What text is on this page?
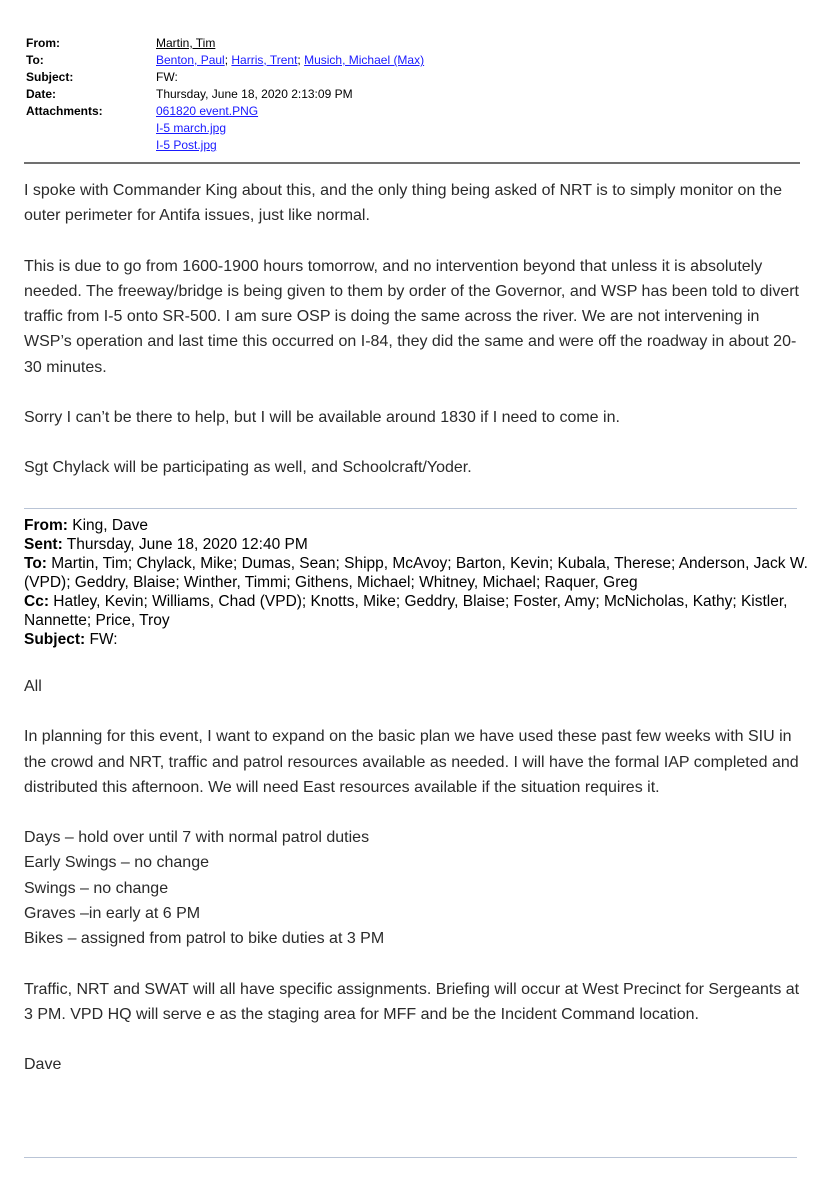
From:	Martin, Tim
To:	Benton, Paul; Harris, Trent; Musich, Michael (Max)
Subject:	FW:
Date:	Thursday, June 18, 2020 2:13:09 PM
Attachments:	061820 event.PNG
I-5 march.jpg
I-5 Post.jpg

I spoke with Commander King about this, and the only thing being asked of NRT is to simply monitor on the outer perimeter for Antifa issues, just like normal.

This is due to go from 1600-1900 hours tomorrow, and no intervention beyond that unless it is absolutely needed. The freeway/bridge is being given to them by order of the Governor, and WSP has been told to divert traffic from I-5 onto SR-500. I am sure OSP is doing the same across the river. We are not intervening in WSP’s operation and last time this occurred on I-84, they did the same and were off the roadway in about 20-30 minutes.

Sorry I can’t be there to help, but I will be available around 1830 if I need to come in.

Sgt Chylack will be participating as well, and Schoolcraft/Yoder.

From: King, Dave
Sent: Thursday, June 18, 2020 12:40 PM
To: Martin, Tim; Chylack, Mike; Dumas, Sean; Shipp, McAvoy; Barton, Kevin; Kubala, Therese; Anderson, Jack W. (VPD); Geddry, Blaise; Winther, Timmi; Githens, Michael; Whitney, Michael; Raquer, Greg
Cc: Hatley, Kevin; Williams, Chad (VPD); Knotts, Mike; Geddry, Blaise; Foster, Amy; McNicholas, Kathy; Kistler, Nannette; Price, Troy
Subject: FW:

All

In planning for this event, I want to expand on the basic plan we have used these past few weeks with SIU in the crowd and NRT, traffic and patrol resources available as needed. I will have the formal IAP completed and distributed this afternoon. We will need East resources available if the situation requires it.

Days – hold over until 7 with normal patrol duties
Early Swings – no change
Swings – no change
Graves –in early at 6 PM
Bikes – assigned from patrol to bike duties at 3 PM

Traffic, NRT and SWAT will all have specific assignments. Briefing will occur at West Precinct for Sergeants at 3 PM. VPD HQ will serve e as the staging area for MFF and be the Incident Command location.

Dave
